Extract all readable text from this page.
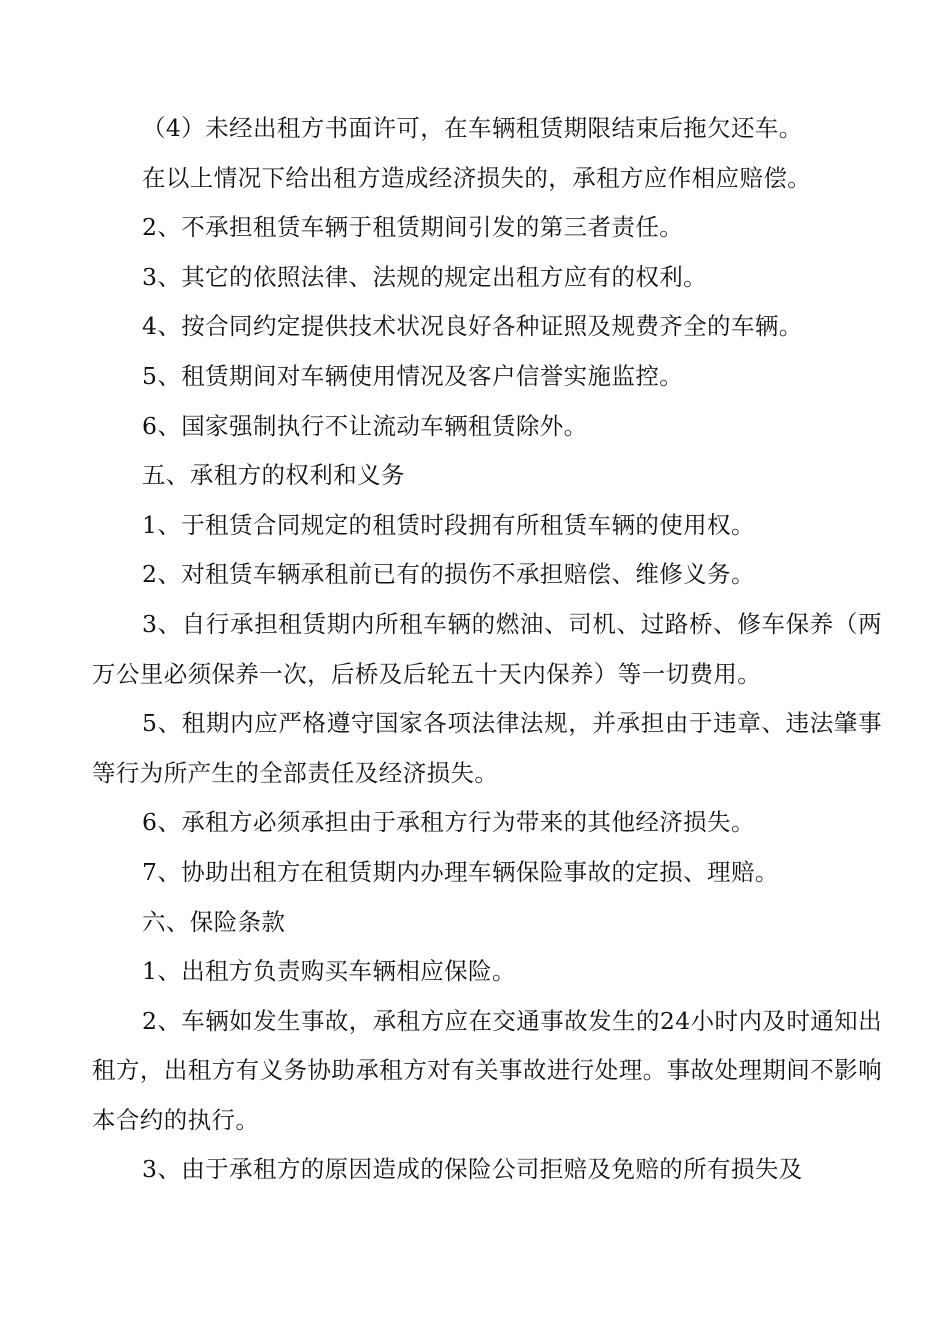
（4）未经出租方书面许可，在车辆租赁期限结束后拖欠还车。

在以上情况下给出租方造成经济损失的，承租方应作相应赔偿。

2、不承担租赁车辆于租赁期间引发的第三者责任。

3、其它的依照法律、法规的规定出租方应有的权利。

4、按合同约定提供技术状况良好各种证照及规费齐全的车辆。

5、租赁期间对车辆使用情况及客户信誉实施监控。

6、国家强制执行不让流动车辆租赁除外。

五、承租方的权利和义务

1、于租赁合同规定的租赁时段拥有所租赁车辆的使用权。

2、对租赁车辆承租前已有的损伤不承担赔偿、维修义务。

3、自行承担租赁期内所租车辆的燃油、司机、过路桥、修车保养（两万公里必须保养一次，后桥及后轮五十天内保养）等一切费用。

5、租期内应严格遵守国家各项法律法规，并承担由于违章、违法肇事等行为所产生的全部责任及经济损失。

6、承租方必须承担由于承租方行为带来的其他经济损失。

7、协助出租方在租赁期内办理车辆保险事故的定损、理赔。

六、保险条款

1、出租方负责购买车辆相应保险。

2、车辆如发生事故，承租方应在交通事故发生的24小时内及时通知出租方，出租方有义务协助承租方对有关事故进行处理。事故处理期间不影响本合约的执行。

3、由于承租方的原因造成的保险公司拒赔及免赔的所有损失及
